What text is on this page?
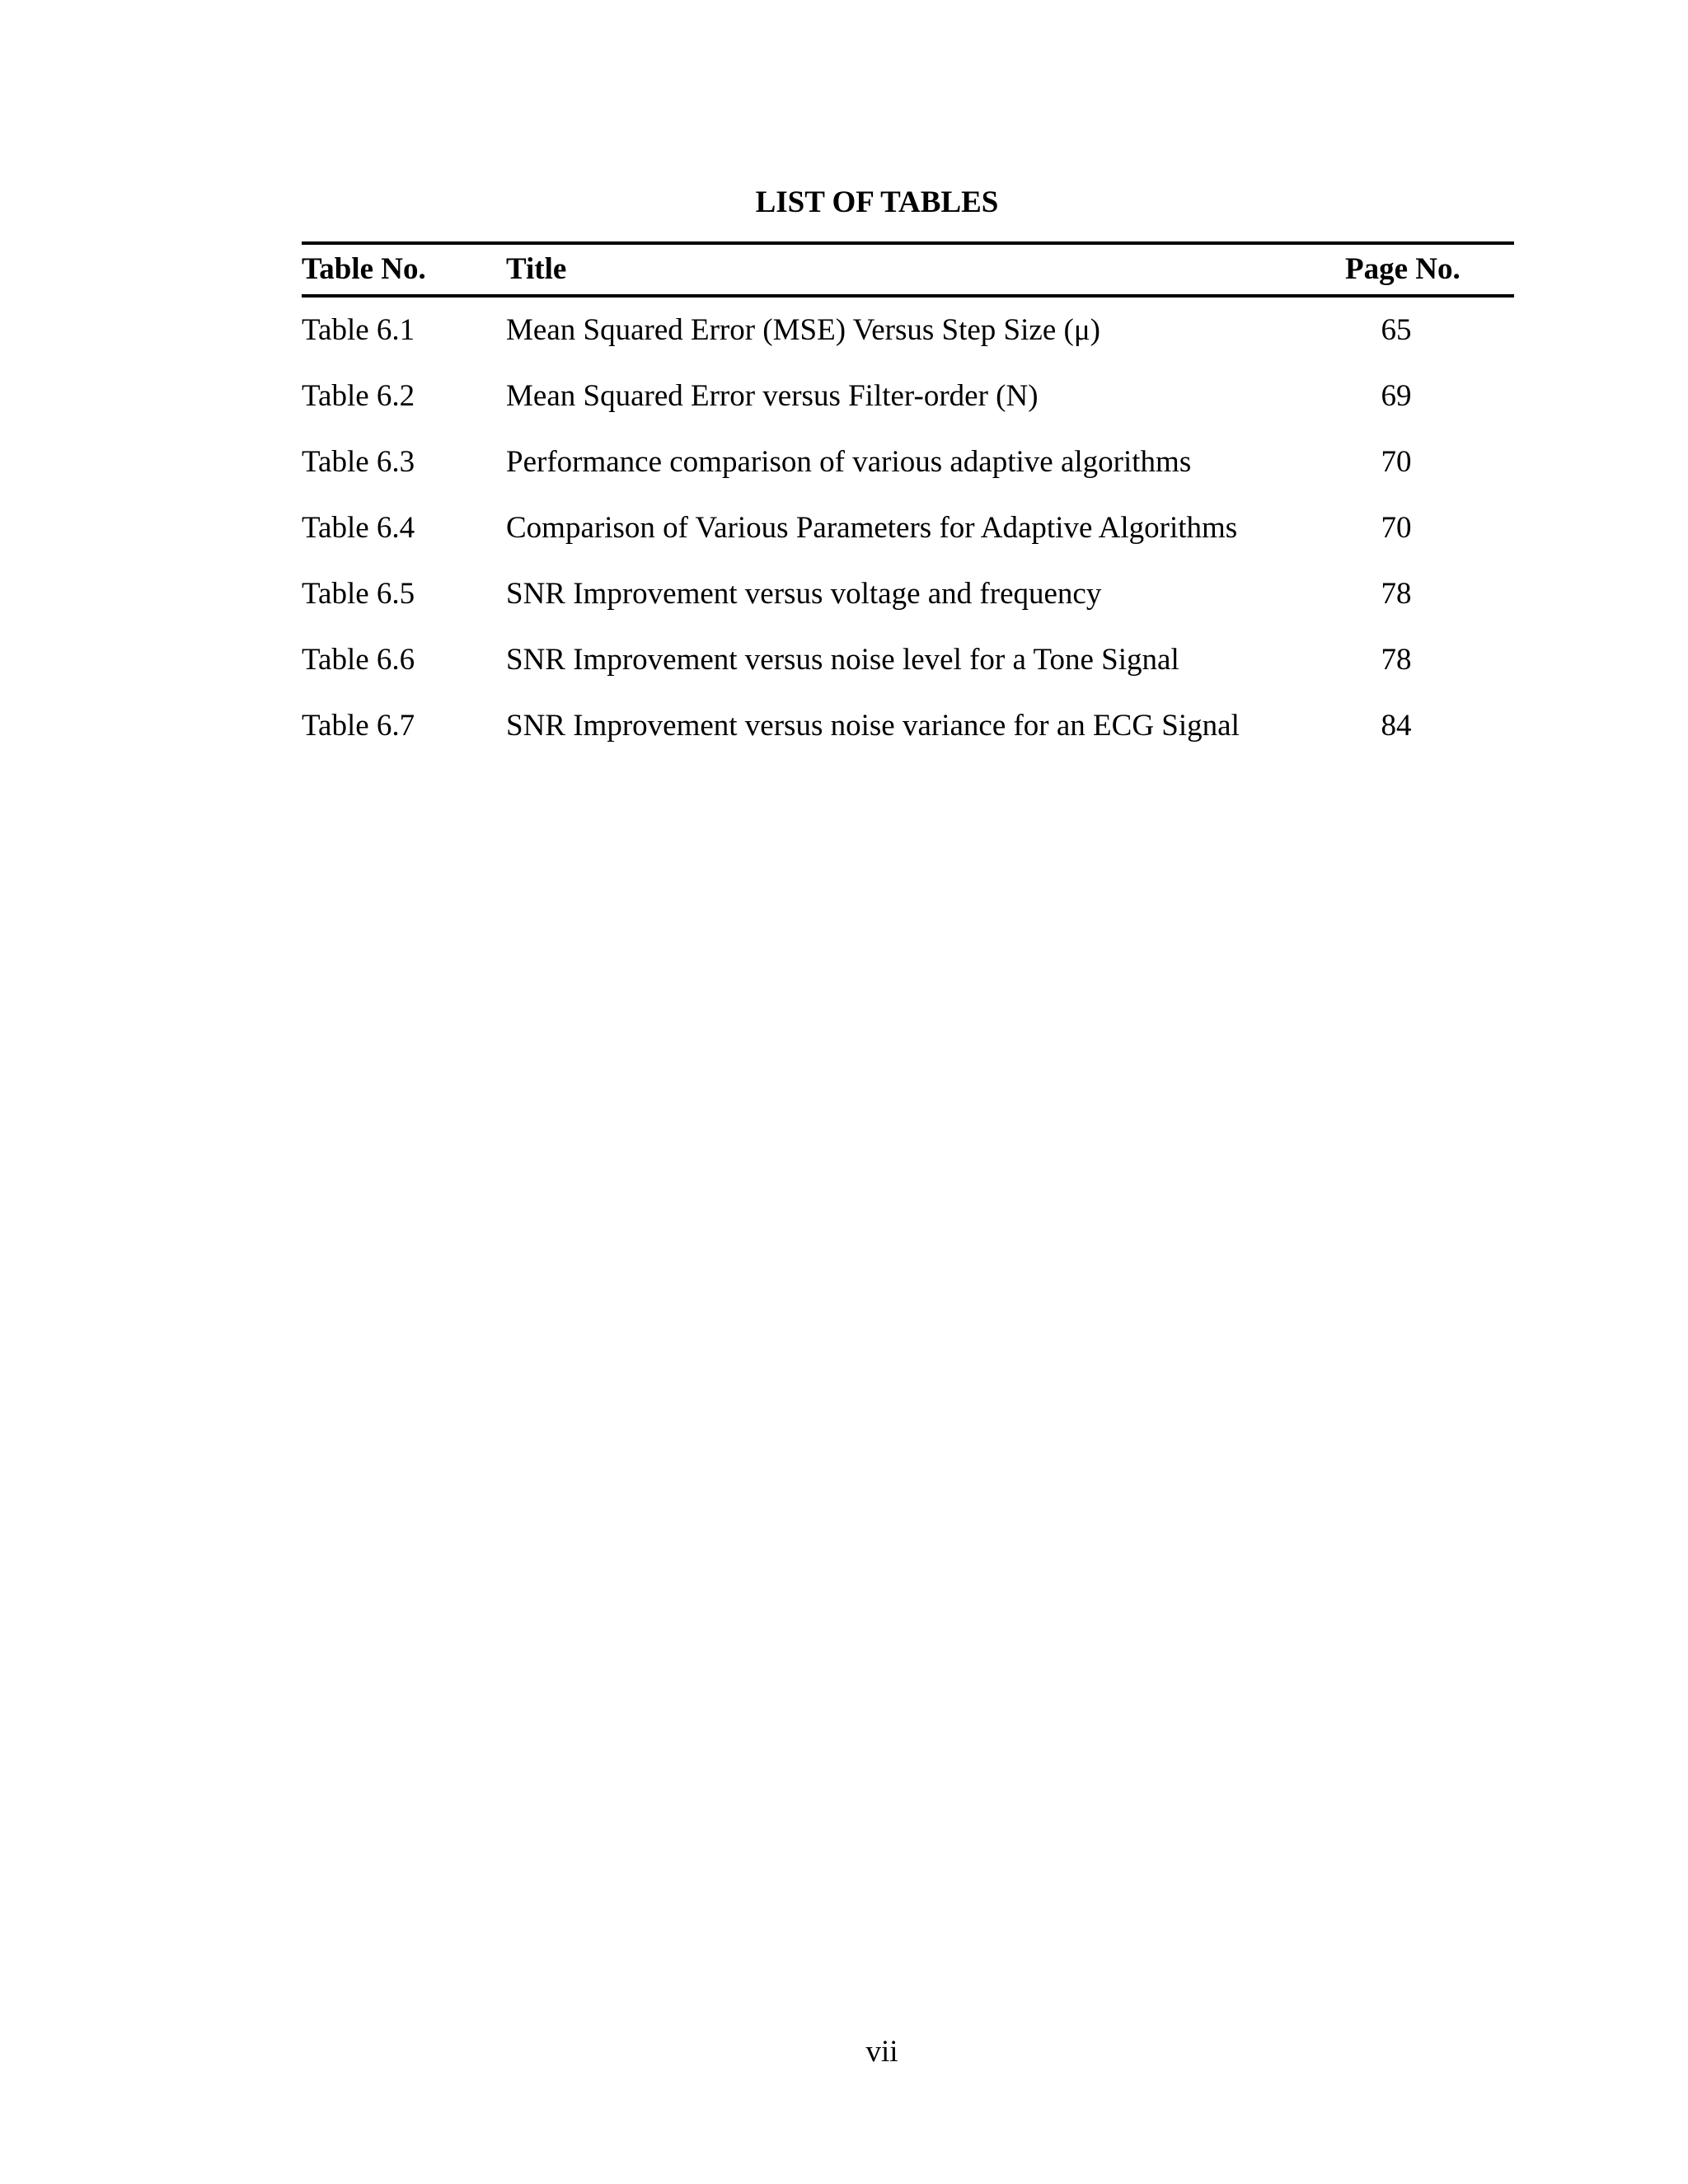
LIST OF TABLES
Table No.	Title	Page No.
Table 6.1	Mean Squared Error (MSE) Versus Step Size (μ)	65
Table 6.2	Mean Squared Error versus Filter-order (N)	69
Table 6.3	Performance comparison of various adaptive algorithms	70
Table 6.4	Comparison of Various Parameters for Adaptive Algorithms	70
Table 6.5	SNR Improvement versus voltage and frequency	78
Table 6.6	SNR Improvement versus noise level for a Tone Signal	78
Table 6.7	SNR Improvement versus noise variance for an ECG Signal	84
vii
